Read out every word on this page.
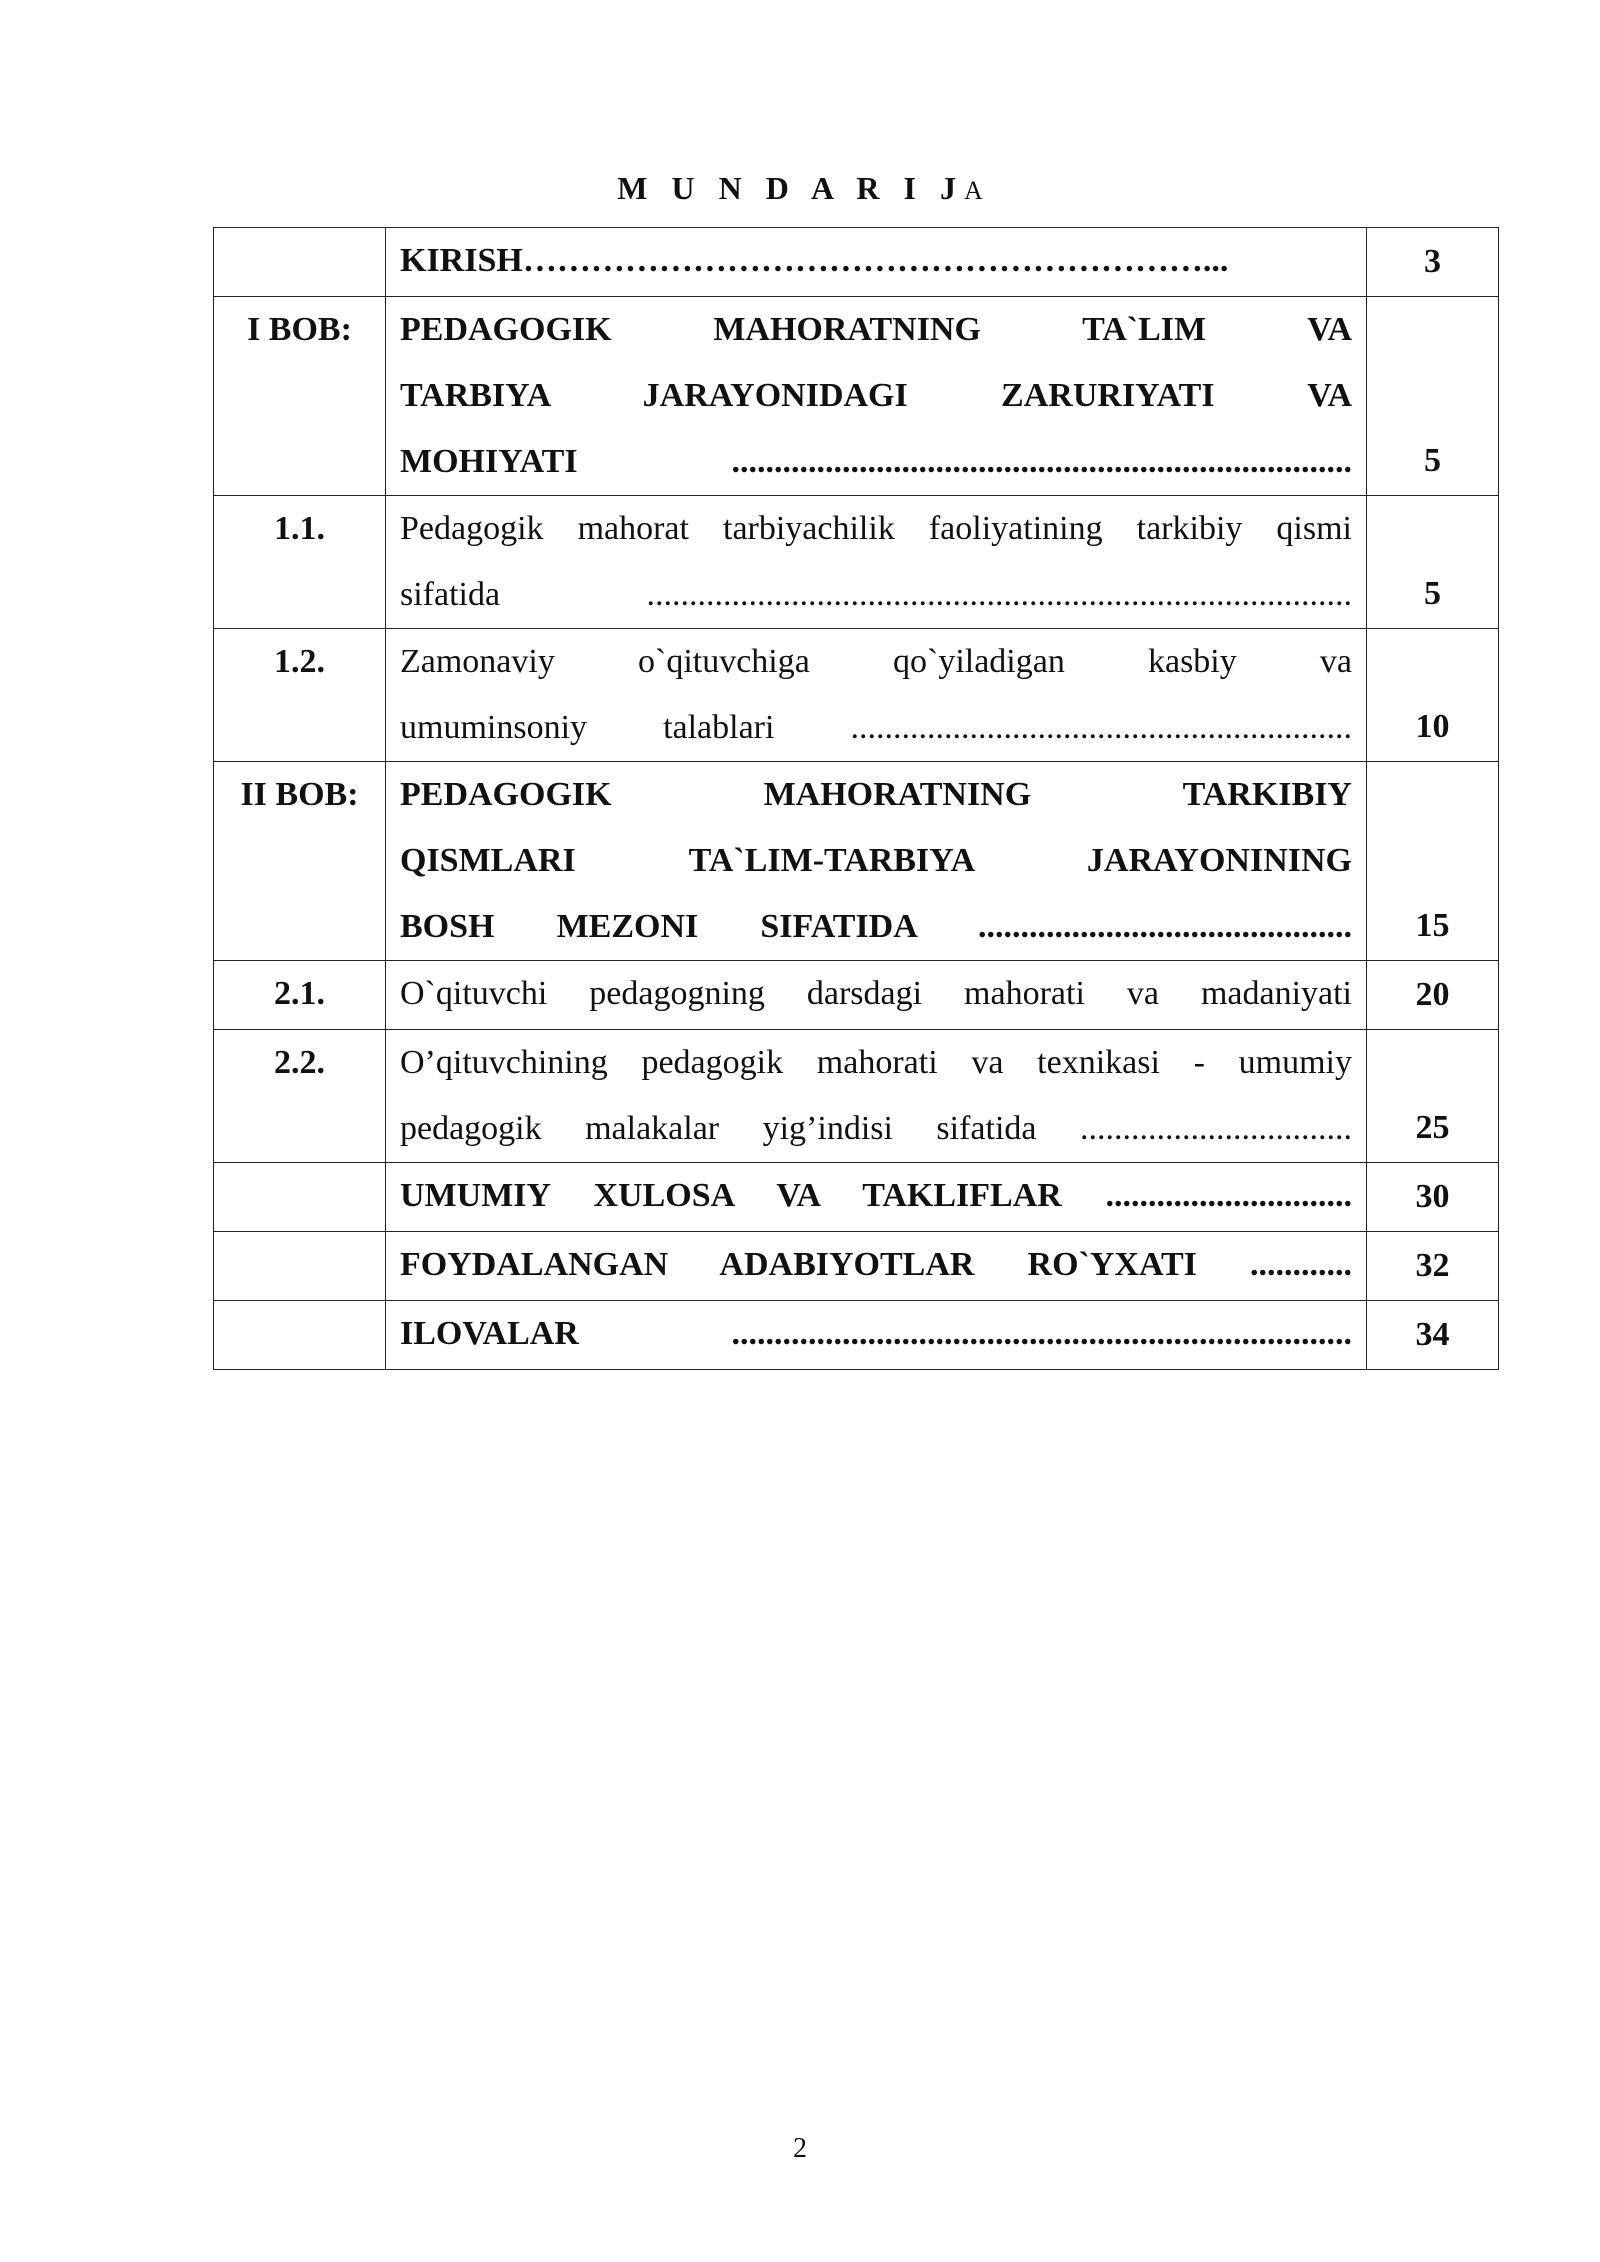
M U N D A R I JA

	KIRISH……………………………………………………...	3
I BOB:	PEDAGOGIK MAHORATNING TA`LIM VA
TARBIYA JARAYONIDAGI ZARURIYATI VA
MOHIYATI .........................................................................	5
1.1.	Pedagogik mahorat tarbiyachilik faoliyatining tarkibiy qismi
sifatida ...................................................................................	5
1.2.	Zamonaviy o`qituvchiga qo`yiladigan kasbiy va
umuminsoniy talablari ...........................................................	10
II BOB:	PEDAGOGIK MAHORATNING TARKIBIY
QISMLARI TA`LIM-TARBIYA JARAYONINING
BOSH MEZONI SIFATIDA ............................................	15
2.1.	O`qituvchi pedagogning darsdagi mahorati va madaniyati	20
2.2.	O’qituvchining pedagogik mahorati va texnikasi - umumiy
pedagogik malakalar yig’indisi sifatida ................................	25

	UMUMIY XULOSA VA TAKLIFLAR .............................	30

	FOYDALANGAN ADABIYOTLAR RO`YXATI ............	32

	ILOVALAR .........................................................................	34
2
